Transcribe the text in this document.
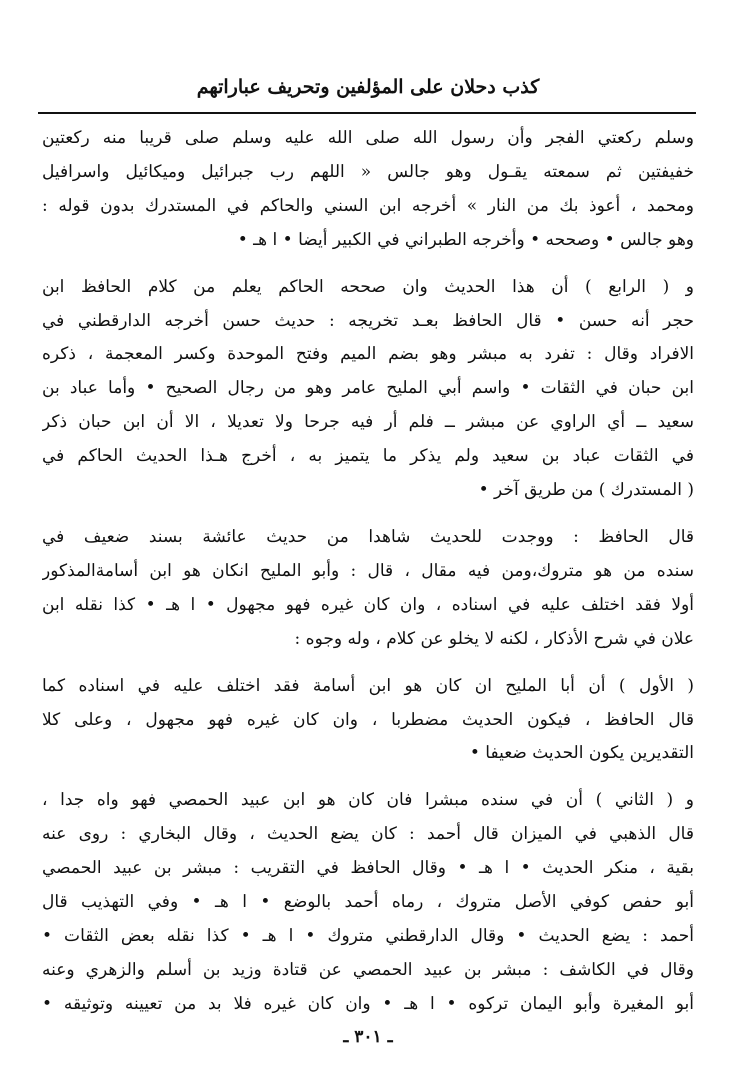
كذب دحلان على المؤلفين وتحريف عباراتهم
وسلم ركعتي الفجر وأن رسول الله صلى الله عليه وسلم صلى قريبا منه ركعتين
خفيفتين ثم سمعته يقـول وهو جالس « اللهم رب جبرائيل وميكائيل واسرافيل
ومحمد ، أعوذ بك من النار » أخرجه ابن السني والحاكم في المستدرك بدون قوله :
وهو جالس • وصححه • وأخرجه الطبراني في الكبير أيضا • ا هـ •
و ( الرابع ) أن هذا الحديث وان صححه الحاكم يعلم من كلام الحافظ ابن
حجر أنه حسن • قال الحافظ بعـد تخريجه : حديث حسن أخرجه الدارقطني في
الافراد وقال : تفرد به مبشر وهو بضم الميم وفتح الموحدة وكسر المعجمة ، ذكره
ابن حبان في الثقات • واسم أبي المليح عامر وهو من رجال الصحيح • وأما عباد بن
سعيد ــ أي الراوي عن مبشر ــ فلم أر فيه جرحا ولا تعديلا ، الا أن ابن حبان ذكر
في الثقات عباد بن سعيد ولم يذكر ما يتميز به ، أخرج هـذا الحديث الحاكم في
( المستدرك ) من طريق آخر •
قال الحافظ : ووجدت للحديث شاهدا من حديث عائشة بسند ضعيف في
سنده من هو متروك،ومن فيه مقال ، قال : وأبو المليح انكان هو ابن أسامةالمذكور
أولا فقد اختلف عليه في اسناده ، وان كان غيره فهو مجهول • ا هـ • كذا نقله ابن
علان في شرح الأذكار ، لكنه لا يخلو عن كلام ، وله وجوه :
( الأول ) أن أبا المليح ان كان هو ابن أسامة فقد اختلف عليه في اسناده كما
قال الحافظ ، فيكون الحديث مضطربا ، وان كان غيره فهو مجهول ، وعلى كلا
التقديرين يكون الحديث ضعيفا •
و ( الثاني ) أن في سنده مبشرا فان كان هو ابن عبيد الحمصي فهو واه جدا ،
قال الذهبي في الميزان قال أحمد : كان يضع الحديث ، وقال البخاري : روى عنه
بقية ، منكر الحديث • ا هـ • وقال الحافظ في التقريب : مبشر بن عبيد الحمصي
أبو حفص كوفي الأصل متروك ، رماه أحمد بالوضع • ا هـ • وفي التهذيب قال
أحمد : يضع الحديث • وقال الدارقطني متروك • ا هـ • كذا نقله بعض الثقات •
وقال في الكاشف : مبشر بن عبيد الحمصي عن قتادة وزيد بن أسلم والزهري وعنه
أبو المغيرة وأبو اليمان تركوه • ا هـ • وان كان غيره فلا بد من تعيينه وتوثيقه •
ـ ٣٠١ ـ
